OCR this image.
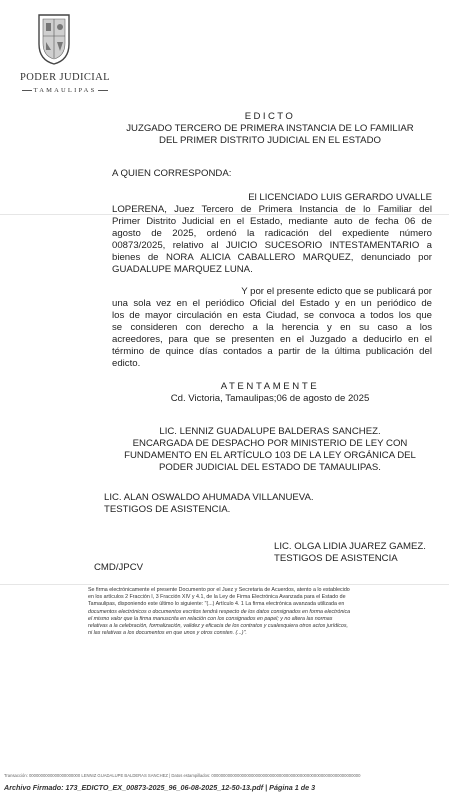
PODER JUDICIAL
TAMAULIPAS
EDICTO
JUZGADO TERCERO DE PRIMERA INSTANCIA DE LO FAMILIAR
DEL PRIMER DISTRITO JUDICIAL EN EL ESTADO
A QUIEN CORRESPONDA:
El LICENCIADO LUIS GERARDO UVALLE
LOPERENA, Juez Tercero de Primera Instancia de lo Familiar del
Primer Distrito Judicial en el Estado, mediante auto de fecha 06 de
agosto de 2025, ordenó la radicación del expediente número
00873/2025, relativo al JUICIO SUCESORIO INTESTAMENTARIO a
bienes de NORA ALICIA CABALLERO MARQUEZ, denunciado por
GUADALUPE MARQUEZ LUNA.
Y por el presente edicto que se publicará por
una sola vez en el periódico Oficial del Estado y en un periódico de
los de mayor circulación en esta Ciudad, se convoca a todos los que
se consideren con derecho a la herencia y en su caso a los
acreedores, para que se presenten en el Juzgado a deducirlo en el
término de quince días contados a partir de la última publicación del
edicto.
ATENTAMENTE
Cd. Victoria, Tamaulipas;06 de agosto de 2025
LIC. LENNIZ GUADALUPE BALDERAS SANCHEZ.
ENCARGADA DE DESPACHO POR MINISTERIO DE LEY CON
FUNDAMENTO EN EL ARTÍCULO 103 DE LA LEY ORGÁNICA DEL
PODER JUDICIAL DEL ESTADO DE TAMAULIPAS.
LIC. ALAN OSWALDO AHUMADA VILLANUEVA.
TESTIGOS DE ASISTENCIA.
LIC. OLGA LIDIA JUAREZ GAMEZ.
TESTIGOS DE ASISTENCIA
CMD/JPCV
Se firma electrónicamente el presente Documento por el Juez y Secretaria de Acuerdos, atento a lo establecido
en los artículos 2 Fracción I, 3 Fracción XIV y 4.1, de la Ley de Firma Electrónica Avanzada para el Estado de
Tamaulipas, disponiendo este último lo siguiente: "(...) Artículo 4. 1 La firma electrónica avanzada utilizada en
documentos electrónicos o documentos escritos tendrá respecto de los datos consignados en forma electrónica
el mismo valor que la firma manuscrita en relación con los consignados en papel; y no altera las normas
relativas a la celebración, formalización, validez y eficacia de los contratos y cualesquiera otros actos jurídicos,
ni las relativas a los documentos en que unos y otros consten. (...)".
Transacción: 0000000000000000000000 LENNIZ GUADALUPE BALDERAS SANCHEZ | Datos estampillados: 0000000000000000000000000000000000000000000000000000000000000000
Archivo Firmado: 173_EDICTO_EX_00873-2025_96_06-08-2025_12-50-13.pdf | Página 1 de 3
